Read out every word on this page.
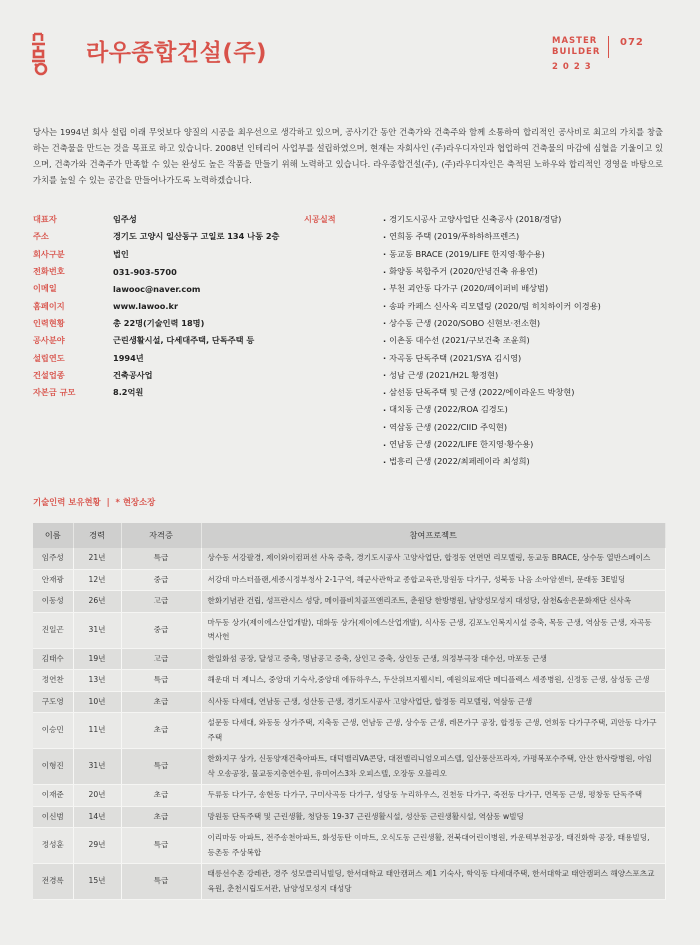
라우종합건설(주)	MASTER
BUILDER
2023
072

당사는 1994년 회사 설립 이래 무엇보다 양질의 시공을 최우선으로 생각하고 있으며, 공사기간 동안 건축가와 건축주와 함께 소통하여 합리적인 공사비로 최고의 가치를 창출하는 건축물을 만드는 것을 목표로 하고 있습니다. 2008년 인테리어 사업부를 설립하였으며, 현재는 자회사인 (주)라우디자인과 협업하여 건축물의 마감에 심혈을 기울이고 있으며, 건축가와 건축주가 만족할 수 있는 완성도 높은 작품을 만들기 위해 노력하고 있습니다. 라우종합건설(주), (주)라우디자인은 축적된 노하우와 합리적인 경영을 바탕으로 가치를 높일 수 있는 공간을 만들어나가도록 노력하겠습니다.

대표자	임주성
주소	경기도 고양시 일산동구 고일로 134 나동 2층
회사구분	법인
전화번호	031-903-5700
이메일	lawooc@naver.com
홈페이지	www.lawoo.kr
인력현황	총 22명(기술인력 18명)
공사분야	근린생활시설, 다세대주택, 단독주택 등
설립연도	1994년
건설업종	건축공사업
자본금 규모	8.2억원
시공실적	· 경기도시공사 고양사업단 신축공사 (2018/경담)
· 연희동 주택 (2019/푸하하하프렌즈)
· 동교동 BRACE (2019/LIFE 한지영·황수용)
· 화양동 복합주거 (2020/안녕건축 유용연)
· 부천 괴안동 다가구 (2020/페이퍼비 배상범)
· 송파 카페스 신사옥 리모델링 (2020/팀 히치하이커 이경용)
· 상수동 근생 (2020/SOBO 신현보·전소현)
· 이촌동 대수선 (2021/구보건축 조윤희)
· 자곡동 단독주택 (2021/SYA 김시영)
· 성남 근생 (2021/H2L 황정현)
· 삼선동 단독주택 및 근생 (2022/에이라운드 박창현)
· 대치동 근생 (2022/ROA 김경도)
· 역삼동 근생 (2022/CIID 주익현)
· 연남동 근생 (2022/LIFE 한지영·황수용)
· 법흥리 근생 (2022/최페레이라 최성희)
기술인력 보유현황 | * 현장소장
이름	경력	자격증	참여프로젝트
임주성	21년	특급	상수동 서강팔경, 제이와이컴퍼션 사옥 증축, 경기도시공사 고양사업단, 합정동 연면면 리모델링, 동교동 BRACE, 상수동 열반스페이스
안재광	12년	중급	서강대 마스터플랜,세종시정부청사 2-1구역, 해군사관학교 종합교육관,망원동 다가구, 성북동 나음 소아암센터, 문래동 3E빌딩
이동성	26년	고급	한화기념관 건립, 성프란시스 성당, 메이플비치골프앤리조트, 춘원당 한방병원, 남양성모성지 대성당, 삼천&송은문화재단 신사옥
진일곤	31년	중급	마두동 상가(제이에스산업개발), 대화동 상가(제이에스산업개발), 식사동 근생, 김포노인복지시설 증축, 목동 근생, 역삼동 근생, 자곡동 벽사헌
김태수	19년	고급	한일화섬 공장, 달성고 증축, 명남공고 증축, 상인고 증축, 상인동 근생, 의정부극장 대수선, 마포동 근생
정연찬	13년	특급	해운대 더 제니스, 중앙대 기숙사,중앙대 에듀하우스, 두산위브지웰시티, 예원의료재단 메디플렉스 세종병원, 신정동 근생, 삼성동 근생
구도영	10년	초급	식사동 다세대, 연남동 근생, 성산동 근생, 경기도시공사 고양사업단, 합정동 리모델링, 역삼동 근생
이승민	11년	초급	설문동 다세대, 와동동 상가주택, 지축동 근생, 연남동 근생, 상수동 근생, 레몬가구 공장, 합정동 근생, 연희동 다가구주택, 괴안동 다가구주택
이형진	31년	특급	한화지구 상가, 신동양재건축아파트, 대덕밸리VA콘당, 대전밸리니엄오피스텔, 일산풍산프라자, 가평복포수주택, 안산 한사랑병원, 아임삭 오송공장, 물교동지층연수원, 유미어스3차 오피스텔, 오장동 오블리오
이재준	20년	초급	두류동 다가구, 송현동 다가구, 구미사곡동 다가구, 성당동 누리하우스, 진천동 다가구, 죽전동 다가구, 면목동 근생, 평창동 단독주택
이신범	14년	초급	망원동 단독주택 및 근린생활, 청담동 19-37 근린생활시설, 성산동 근린생활시설, 역삼동 w빌딩
정성훈	29년	특급	이리마동 아파트, 전주송천아파트, 화성동탄 이마트, 오식도동 근린생활, 전북대어린이병원, 카운텍부천공장, 태진화학 공장, 태용빌딩, 등촌동 주상복합
전경록	15년	특급	태릉선수촌 강레관, 경주 성모클리닉빌딩, 한서대학교 태안캠퍼스 제1 기숙사, 학익동 다세대주택, 한서대학교 태안캠퍼스 해양스포츠교육원, 춘천시립도서관, 남양성모성지 대성당
